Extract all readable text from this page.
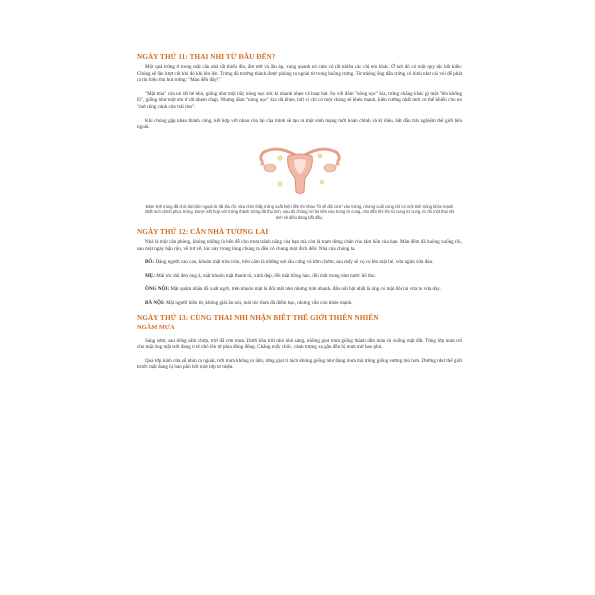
NGÀY THỨ 11: THAI NHI TỪ ĐÂU ĐẾN?

Một quả trứng ở trong mặt căn nhà rất thiếu đm, ẩm ướt và ấm áp, xung quanh nó cảm có rất nhiều các chị em khác. Ở nơi đó có một quy tắc bất kiến: Chúng sẽ lần lượt cốt khi đó khi lên lên. Trứng đã trưởng thành được phóng ra ngoài từ trong buồng trứng. Từ miệng ống dẫn trứng có hình như cái vòi để phát ra tín hiệu thu hút trứng: "Mau đến đây!"

"Mật mía" của nó rất bé nhỏ, giống như một bầy nòng nọc sức kì nhanh nhẹn và hoạt bát. So với đám "nòng nọc" kia, trứng chẳng khác gì một "tên khổng lồ", giống như một em ở rất nhẹm chạp. Nhưng đám "nòng nọc" kia rất khỏe, bởi vì chỉ có một chàng sẽ khéo mạnh, kiên cường nhất mới có thể khiến cho nó "mở rộng cánh cửa trái tim".

Khi chúng gặp nhau thành công, kết hợp với nhau còn lại của mình sẽ tạo ra một sinh mạng mới hoàn chỉnh và kì diệu, bắt đầu trải nghiệm thế giới bên ngoài.

Đám tinh trùng đã chờ đợi bên ngoài từ rất lâu rồi, vừa nhìn thấy trứng xuất hiện liền thi nhau "lũ về đôi cửa" vào trứng, nhưng cuối cùng chỉ có một tinh trùng khỏe mạnh nhất mới chinh phục trứng. Được kết hợp với trứng thành trứng đã thụ tinh, sau đó chúng rời bỏ tiên vào trong tử cung, cho đến khi lên tử cung từ cung, từ đó một thai nhi tinh sẽ điều đang bắt đầu.
NGÀY THỨ 12: CĂN NHÀ TƯƠNG LAI

Nhà là một căn phòng, không những là bến đỗ cho mưa tránh nắng của bạn mà còn là trạm dừng chân cho tâm hồn của bạn. Màn đêm đã buông xuống rồi, sau một ngày bận rộn, về trở về, lúc này trong lòng chúng ta đều có chung một đích đến: Nhà của chúng ta.

BỐ: Dáng người cao cao, khuôn mặt tròn tròn, trên cằm là những sợi râu cứng và lởm chởm, sau mấy sẽ cọ cọ lên mặt bé, vừa ngứa vừa đau.

MẸ: Mái tóc dài đen óng ả, mặt khuôn mặt thanh tú, xinh đẹp, đôi mắt hồng hào, đôi mắt trong như nước hồ thu.

ÔNG NỘI: Mặt quằm nhăn đã xuất ngời, trên khuôn mặt là đôi mắt nhỏ nhưng tinh nhanh, đằn nổi bật nhất là ông có mặt đôi tai vừa to vừa dày.

BÀ NỘI: Mặt người hiền từ, không giải ăn nói, mái tóc thưa đã điểm bạc, nhưng vẫn còn khỏe mạnh.

NGÀY THỨ 13: CÙNG THAI NHI NHẬN BIẾT THẾ GIỚI THIÊN NHIÊN
NGẮM MƯA

Sáng sớm, sau tiếng sấm chớp, trời đã cơn mưa. Dưới bầu trời nhỏ nhỏ sáng, những giọt mưa giống thành tấm màn rủ xuống mặt đất. Từng lớp mưa rơi cho mặt ông mặt trời đang tỉ tê nhỏ lên từ phía đông đông. Chẳng mấy chốc, cảnh tượng xa gần đều bị mưa mờ bao phủ.

Qua lớp kính cửa sổ nhìn ra ngoài, trời mưa không to lắm, từng giọt tí tách không giống như đang mưa mà trông giống sương mù hơn. Dường như thế giới trước mặt đang bị bao phủ bởi một lớp tơ nhện.
